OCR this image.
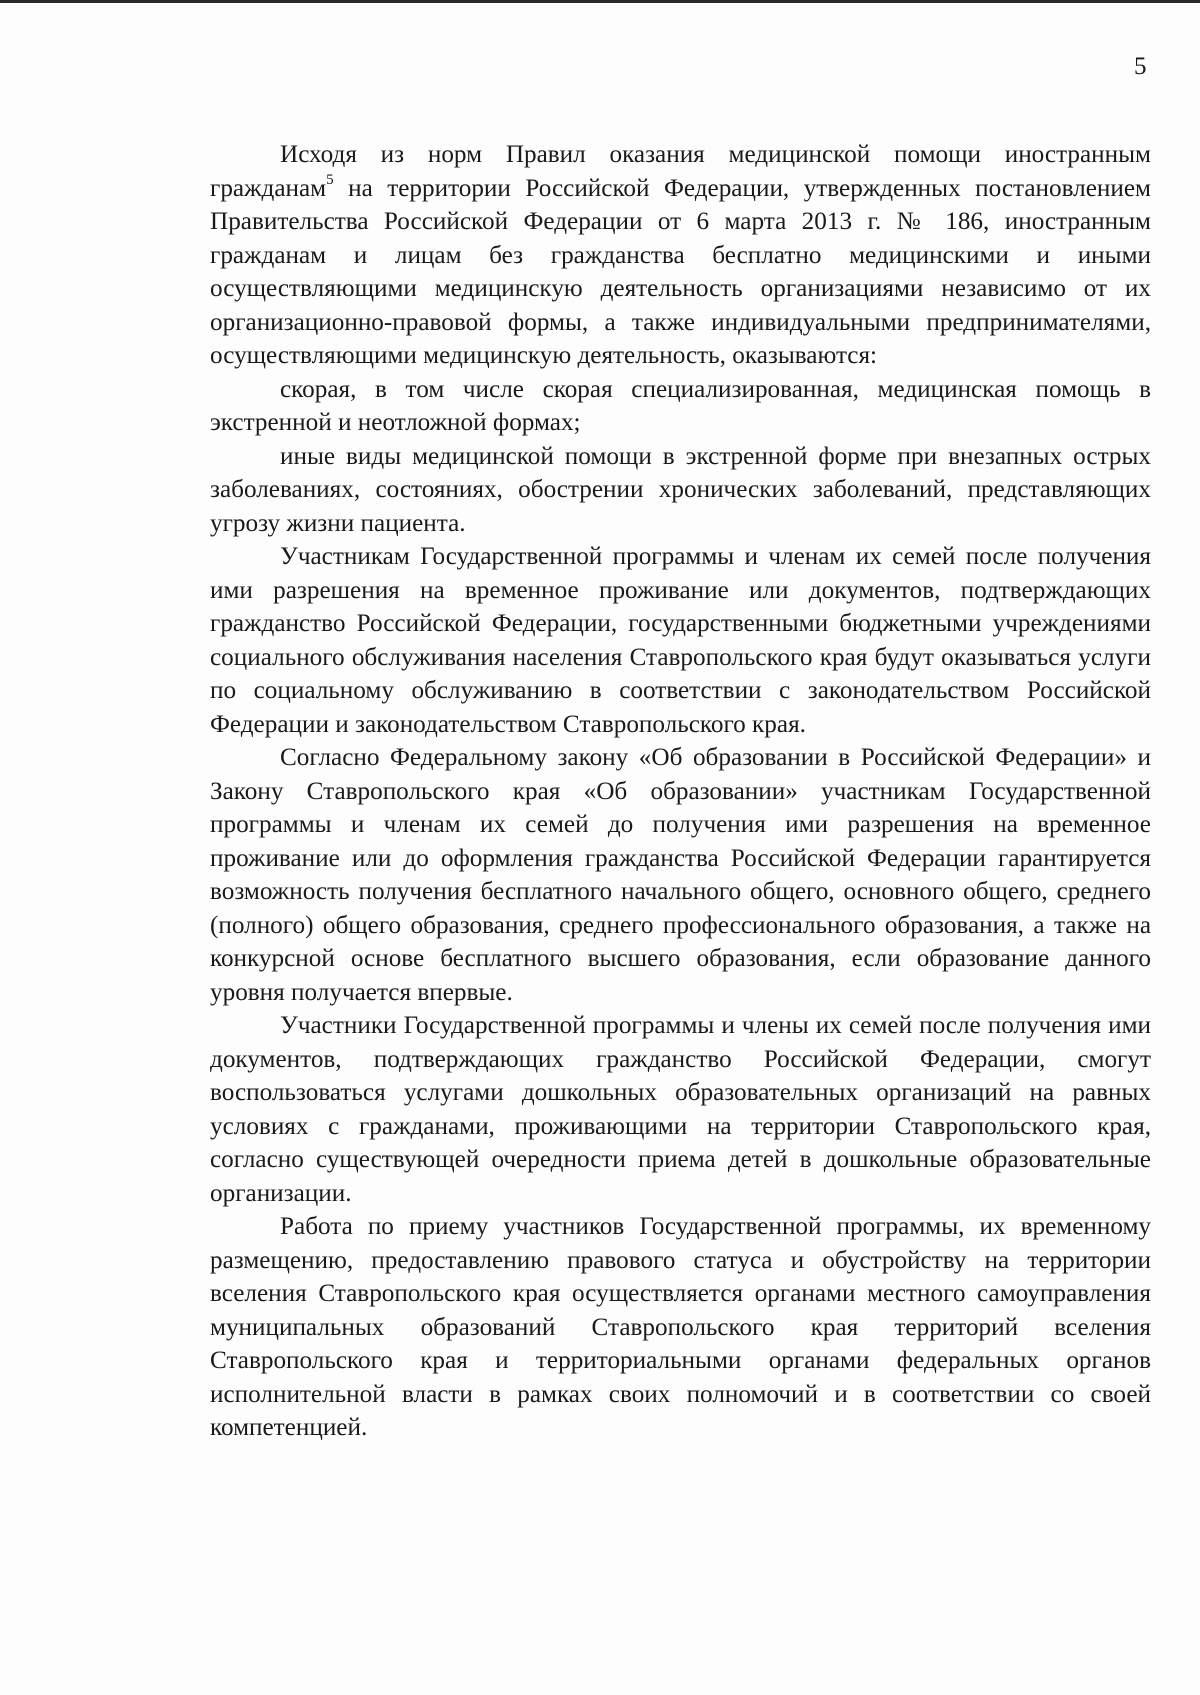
5

Исходя из норм Правил оказания медицинской помощи иностранным гражданам$^5$ на территории Российской Федерации, утвержденных постановлением Правительства Российской Федерации от 6 марта 2013 г. № 186, иностранным гражданам и лицам без гражданства бесплатно медицинскими и иными осуществляющими медицинскую деятельность организациями независимо от их организационно-правовой формы, а также индивидуальными предпринимателями, осуществляющими медицинскую деятельность, оказываются:

скорая, в том числе скорая специализированная, медицинская помощь в экстренной и неотложной формах;

иные виды медицинской помощи в экстренной форме при внезапных острых заболеваниях, состояниях, обострении хронических заболеваний, представляющих угрозу жизни пациента.

Участникам Государственной программы и членам их семей после получения ими разрешения на временное проживание или документов, подтверждающих гражданство Российской Федерации, государственными бюджетными учреждениями социального обслуживания населения Ставропольского края будут оказываться услуги по социальному обслуживанию в соответствии с законодательством Российской Федерации и законодательством Ставропольского края.

Согласно Федеральному закону «Об образовании в Российской Федерации» и Закону Ставропольского края «Об образовании» участникам Государственной программы и членам их семей до получения ими разрешения на временное проживание или до оформления гражданства Российской Федерации гарантируется возможность получения бесплатного начального общего, основного общего, среднего (полного) общего образования, среднего профессионального образования, а также на конкурсной основе бесплатного высшего образования, если образование данного уровня получается впервые.

Участники Государственной программы и члены их семей после получения ими документов, подтверждающих гражданство Российской Федерации, смогут воспользоваться услугами дошкольных образовательных организаций на равных условиях с гражданами, проживающими на территории Ставропольского края, согласно существующей очередности приема детей в дошкольные образовательные организации.

Работа по приему участников Государственной программы, их временному размещению, предоставлению правового статуса и обустройству на территории вселения Ставропольского края осуществляется органами местного самоуправления муниципальных образований Ставропольского края территорий вселения Ставропольского края и территориальными органами федеральных органов исполнительной власти в рамках своих полномочий и в соответствии со своей компетенцией.
